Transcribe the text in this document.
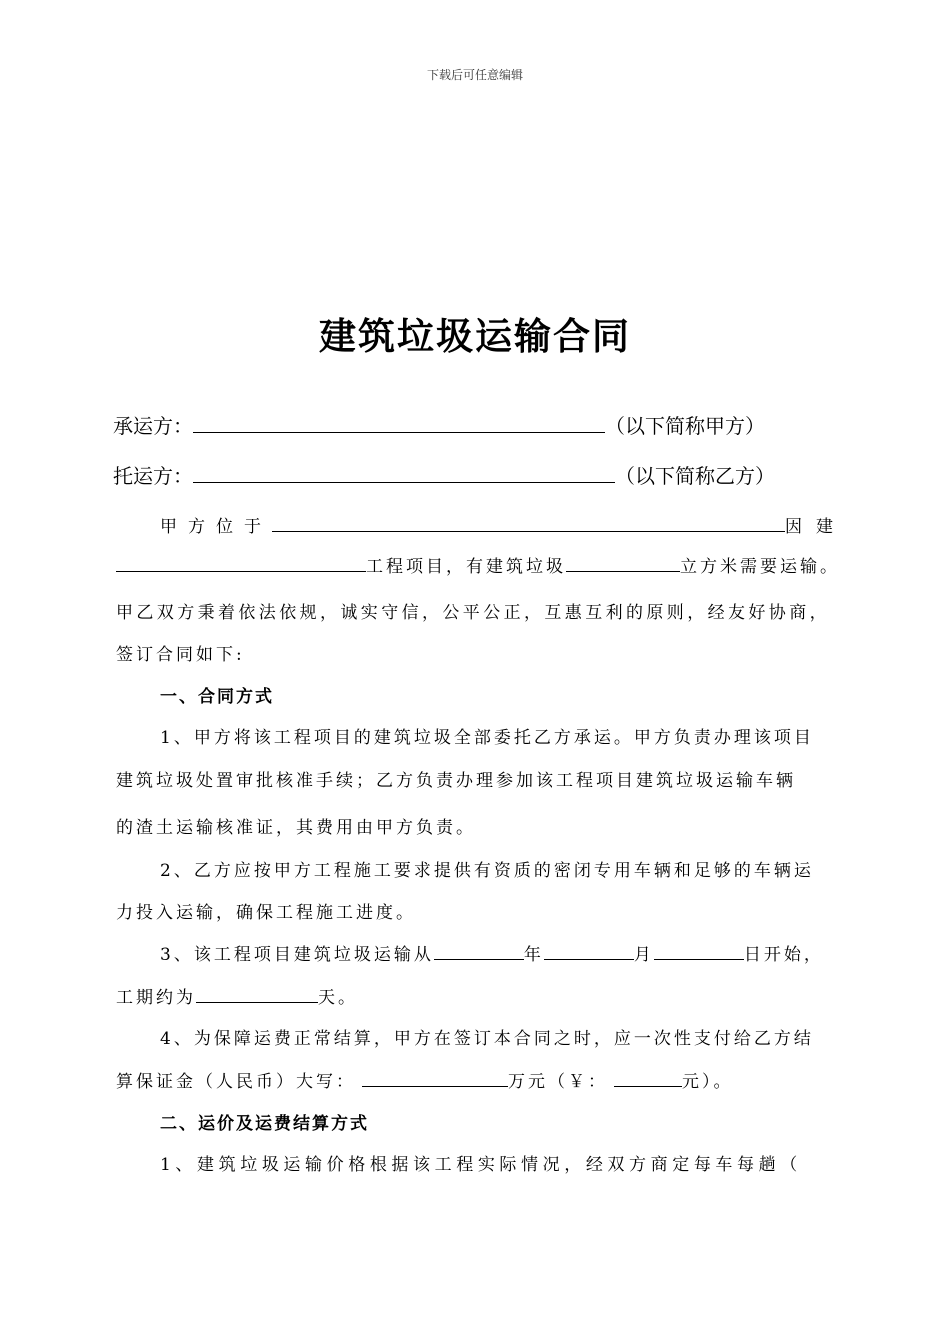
下载后可任意编辑
建筑垃圾运输合同
承运方：	（以下简称甲方）
托运方：	（以下简称乙方）
甲方位于	因建
工程项目，有建筑垃圾	立方米需要运输。
甲乙双方秉着依法依规，诚实守信，公平公正，互惠互利的原则，经友好协商，
签订合同如下:
一、合同方式
1、甲方将该工程项目的建筑垃圾全部委托乙方承运。甲方负责办理该项目
建筑垃圾处置审批核准手续；乙方负责办理参加该工程项目建筑垃圾运输车辆
的渣土运输核准证，其费用由甲方负责。
2、乙方应按甲方工程施工要求提供有资质的密闭专用车辆和足够的车辆运
力投入运输，确保工程施工进度。
3、该工程项目建筑垃圾运输从	年	月	日开始，
工期约为	天。
4、为保障运费正常结算，甲方在签订本合同之时，应一次性支付给乙方结
算保证金（人民币）大写：	万元（￥：	元）。
二、运价及运费结算方式
1、建筑垃圾运输价格根据该工程实际情况，经双方商定每车每趟（
